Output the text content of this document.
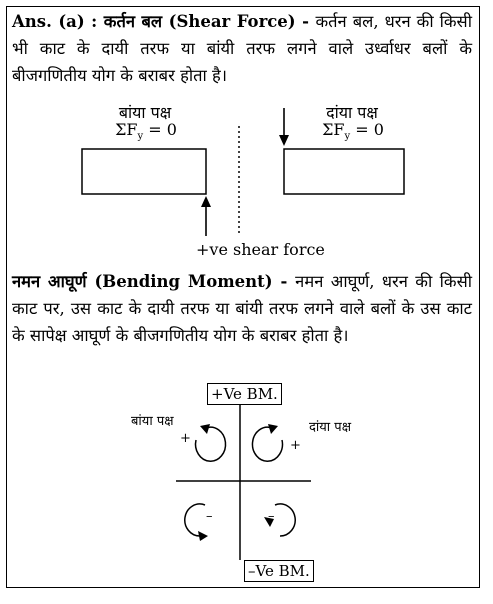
Ans. (a) : कर्तन बल (Shear Force) - कर्तन बल, धरन की किसी भी काट के दायी तरफ या बांयी तरफ लगने वाले उर्ध्वाधर बलों के बीजगणितीय योग के बराबर होता है।
बांया पक्ष
$\Sigma F_y = 0$
दांया पक्ष
$\Sigma F_y = 0$
+ve shear force
नमन आघूर्ण (Bending Moment) - नमन आघूर्ण, धरन की किसी काट पर, उस काट के दायी तरफ या बांयी तरफ लगने वाले बलों के उस काट के सापेक्ष आघूर्ण के बीजगणितीय योग के बराबर होता है।
+Ve BM.
–Ve BM.
बांया पक्ष	दांया पक्ष
+	+
–	–
